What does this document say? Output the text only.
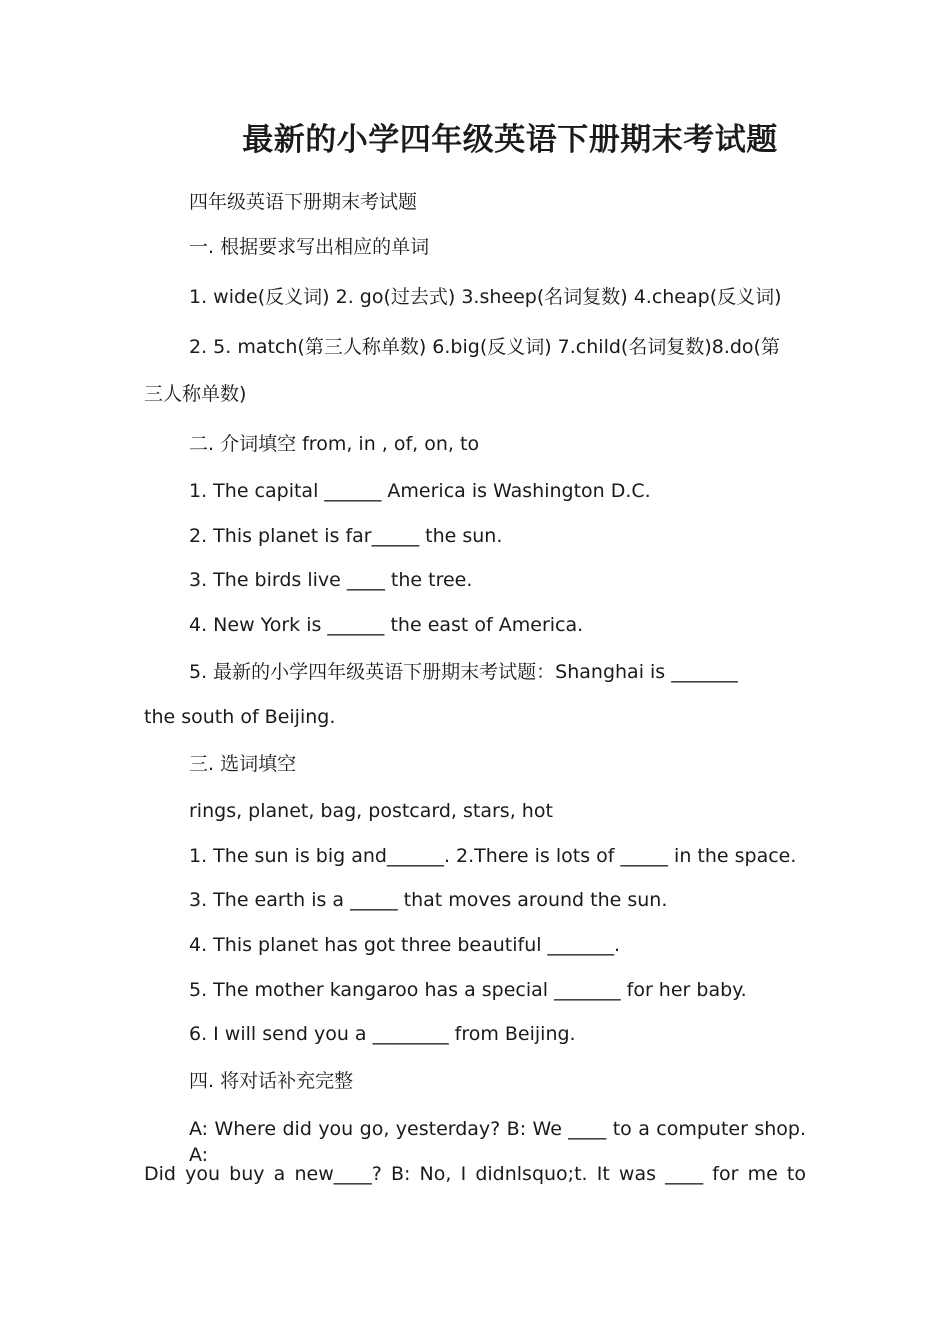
最新的小学四年级英语下册期末考试题
四年级英语下册期末考试题
一. 根据要求写出相应的单词
1. wide(反义词) 2. go(过去式) 3.sheep(名词复数) 4.cheap(反义词)
2. 5. match(第三人称单数) 6.big(反义词) 7.child(名词复数)8.do(第
三人称单数)
二. 介词填空 from, in , of, on, to
1. The capital ______ America is Washington D.C.
2. This planet is far_____ the sun.
3. The birds live ____ the tree.
4. New York is ______ the east of America.
5. 最新的小学四年级英语下册期末考试题：Shanghai is _______
the south of Beijing.
三. 选词填空
rings, planet, bag, postcard, stars, hot
1. The sun is big and______. 2.There is lots of _____ in the space.
3. The earth is a _____ that moves around the sun.
4. This planet has got three beautiful _______.
5. The mother kangaroo has a special _______ for her baby.
6. I will send you a ________ from Beijing.
四. 将对话补充完整
A: Where did you go, yesterday? B: We ____ to a computer shop. A:
Did you buy a new____? B: No, I didnlsquo;t. It was ____ for me to
